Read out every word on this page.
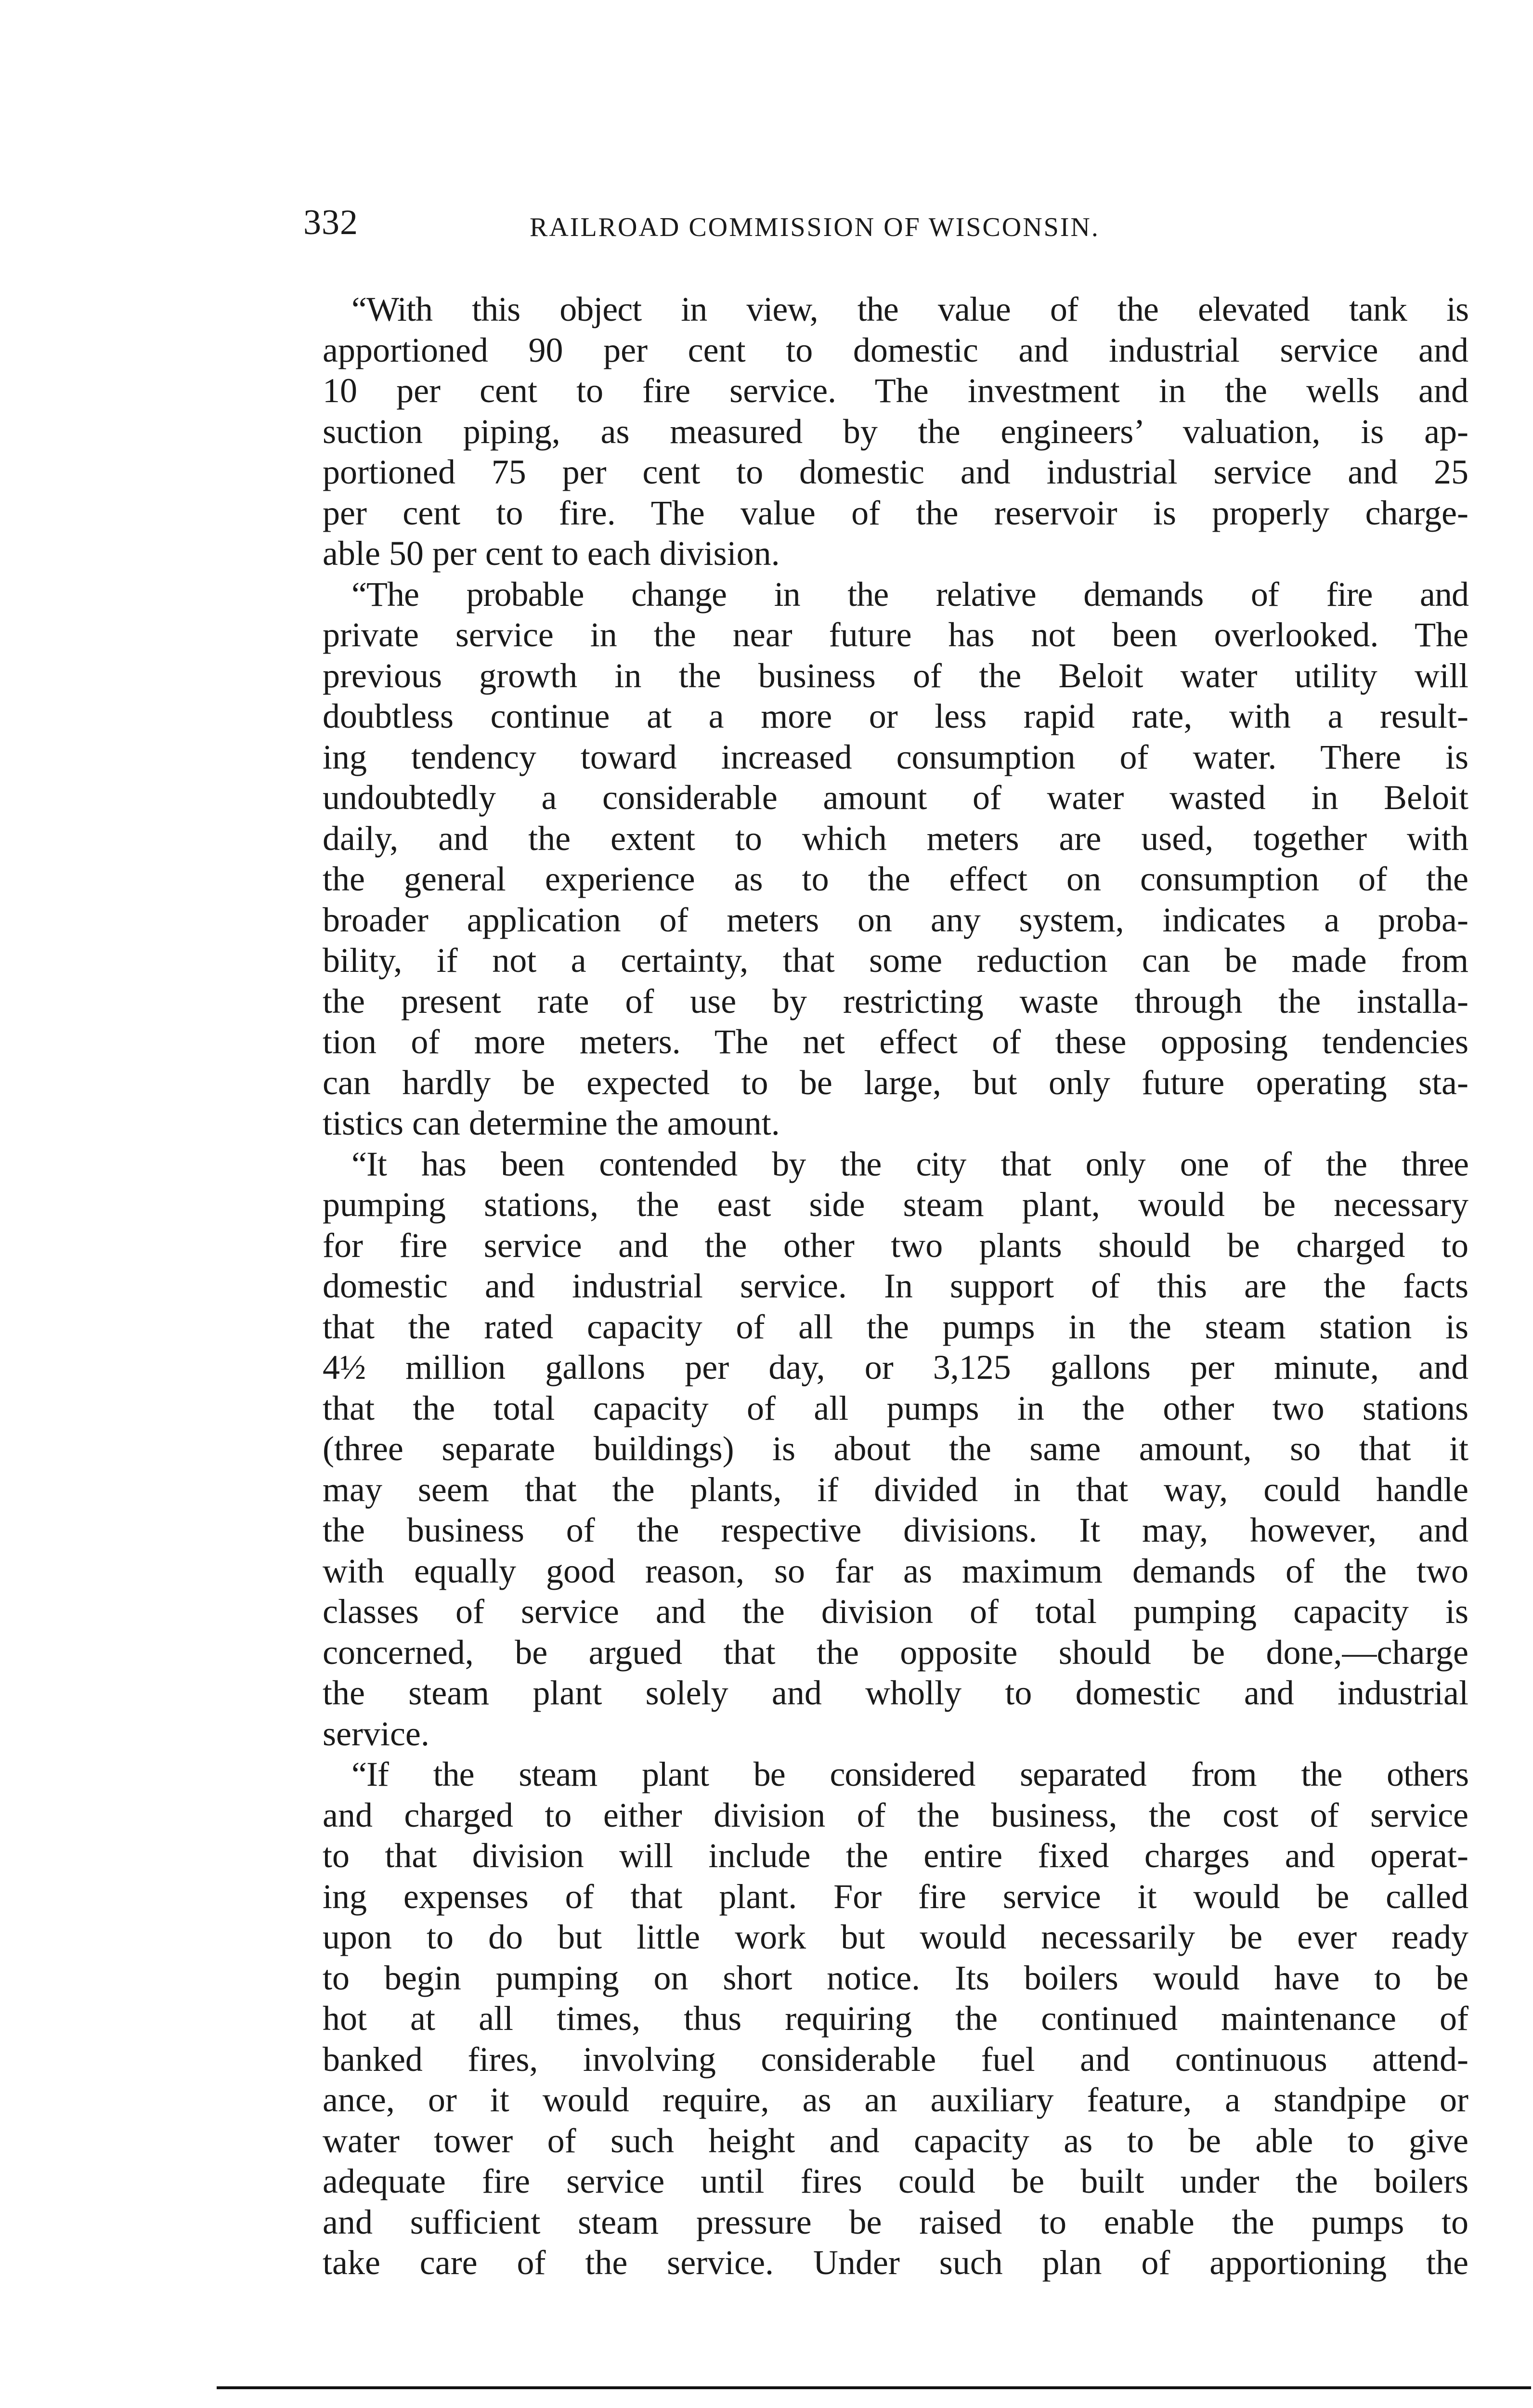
332	RAILROAD COMMISSION OF WISCONSIN.

“With this object in view, the value of the elevated tank is
apportioned 90 per cent to domestic and industrial service and
10 per cent to fire service. The investment in the wells and
suction piping, as measured by the engineers’ valuation, is ap-
portioned 75 per cent to domestic and industrial service and 25
per cent to fire. The value of the reservoir is properly charge-
able 50 per cent to each division.

“The probable change in the relative demands of fire and
private service in the near future has not been overlooked. The
previous growth in the business of the Beloit water utility will
doubtless continue at a more or less rapid rate, with a result-
ing tendency toward increased consumption of water. There is
undoubtedly a considerable amount of water wasted in Beloit
daily, and the extent to which meters are used, together with
the general experience as to the effect on consumption of the
broader application of meters on any system, indicates a proba-
bility, if not a certainty, that some reduction can be made from
the present rate of use by restricting waste through the installa-
tion of more meters. The net effect of these opposing tendencies
can hardly be expected to be large, but only future operating sta-
tistics can determine the amount.

“It has been contended by the city that only one of the three
pumping stations, the east side steam plant, would be necessary
for fire service and the other two plants should be charged to
domestic and industrial service. In support of this are the facts
that the rated capacity of all the pumps in the steam station is
4½ million gallons per day, or 3,125 gallons per minute, and
that the total capacity of all pumps in the other two stations
(three separate buildings) is about the same amount, so that it
may seem that the plants, if divided in that way, could handle
the business of the respective divisions. It may, however, and
with equally good reason, so far as maximum demands of the two
classes of service and the division of total pumping capacity is
concerned, be argued that the opposite should be done,—charge
the steam plant solely and wholly to domestic and industrial
service.

“If the steam plant be considered separated from the others
and charged to either division of the business, the cost of service
to that division will include the entire fixed charges and operat-
ing expenses of that plant. For fire service it would be called
upon to do but little work but would necessarily be ever ready
to begin pumping on short notice. Its boilers would have to be
hot at all times, thus requiring the continued maintenance of
banked fires, involving considerable fuel and continuous attend-
ance, or it would require, as an auxiliary feature, a standpipe or
water tower of such height and capacity as to be able to give
adequate fire service until fires could be built under the boilers
and sufficient steam pressure be raised to enable the pumps to
take care of the service. Under such plan of apportioning the
